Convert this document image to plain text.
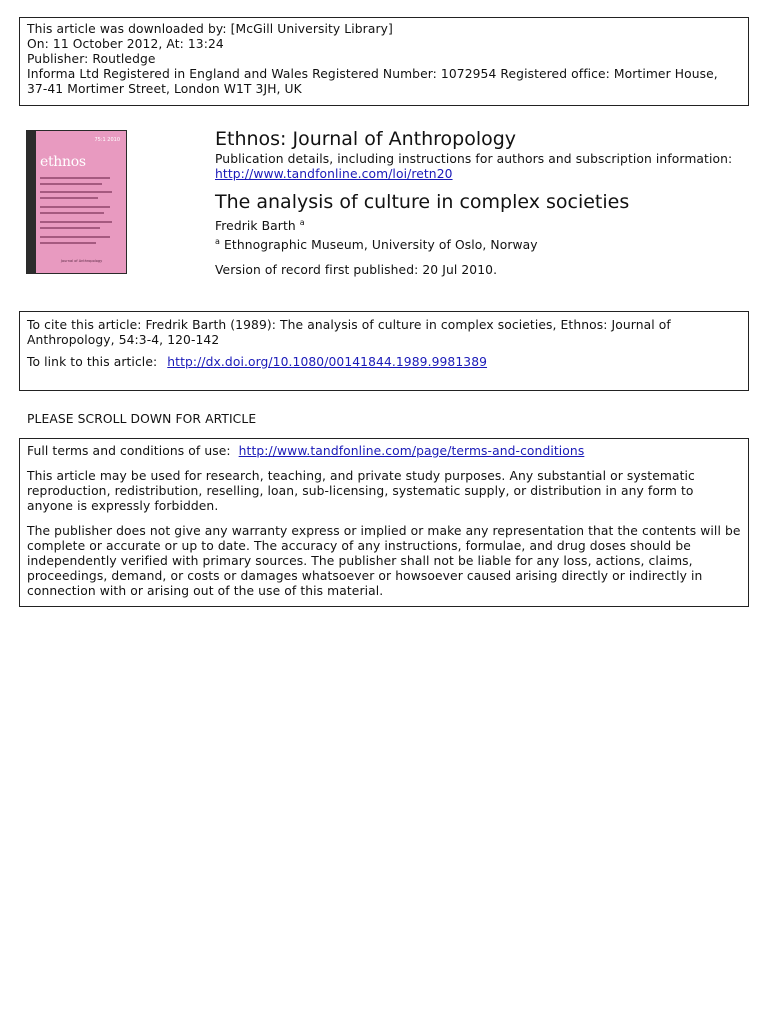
This article was downloaded by: [McGill University Library]
On: 11 October 2012, At: 13:24
Publisher: Routledge
Informa Ltd Registered in England and Wales Registered Number: 1072954 Registered office: Mortimer House,
37-41 Mortimer Street, London W1T 3JH, UK
75:1 2010
ethnos
Journal of Anthropology
Ethnos: Journal of Anthropology
Publication details, including instructions for authors and subscription information:
http://www.tandfonline.com/loi/retn20
The analysis of culture in complex societies
Fredrik Barth $^a$
$^a$ Ethnographic Museum, University of Oslo, Norway
Version of record first published: 20 Jul 2010.
To cite this article: Fredrik Barth (1989): The analysis of culture in complex societies, Ethnos: Journal of Anthropology, 54:3-4, 120-142
To link to this article: http://dx.doi.org/10.1080/00141844.1989.9981389
PLEASE SCROLL DOWN FOR ARTICLE
Full terms and conditions of use: http://www.tandfonline.com/page/terms-and-conditions

This article may be used for research, teaching, and private study purposes. Any substantial or systematic reproduction, redistribution, reselling, loan, sub-licensing, systematic supply, or distribution in any form to anyone is expressly forbidden.

The publisher does not give any warranty express or implied or make any representation that the contents will be complete or accurate or up to date. The accuracy of any instructions, formulae, and drug doses should be independently verified with primary sources. The publisher shall not be liable for any loss, actions, claims, proceedings, demand, or costs or damages whatsoever or howsoever caused arising directly or indirectly in connection with or arising out of the use of this material.
